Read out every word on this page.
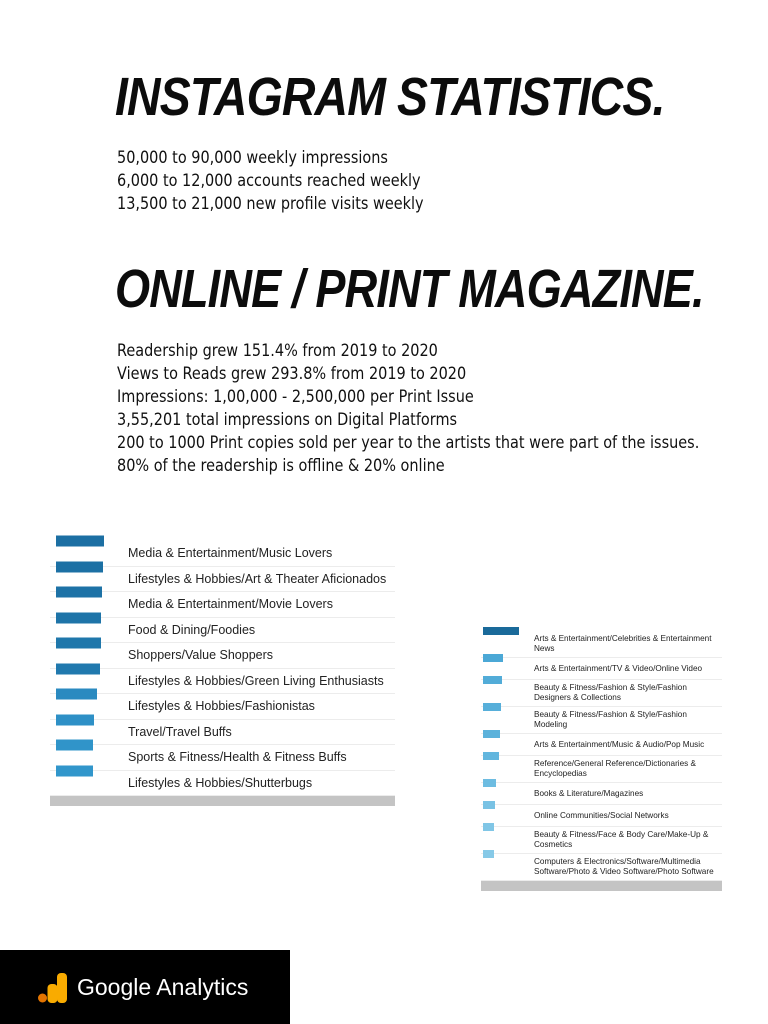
INSTAGRAM STATISTICS.
50,000 to 90,000 weekly impressions
6,000 to 12,000 accounts reached weekly
13,500 to 21,000 new profile visits weekly
ONLINE / PRINT MAGAZINE.
Readership grew 151.4% from 2019 to 2020
Views to Reads grew 293.8% from 2019 to 2020
Impressions: 1,00,000 - 2,500,000 per Print Issue
3,55,201 total impressions on Digital Platforms
200 to 1000 Print copies sold per year to the artists that were part of the issues.
80% of the readership is offline & 20% online
Media & Entertainment/Music Lovers
Lifestyles & Hobbies/Art & Theater Aficionados
Media & Entertainment/Movie Lovers
Food & Dining/Foodies
Shoppers/Value Shoppers
Lifestyles & Hobbies/Green Living Enthusiasts
Lifestyles & Hobbies/Fashionistas
Travel/Travel Buffs
Sports & Fitness/Health & Fitness Buffs
Lifestyles & Hobbies/Shutterbugs
Arts & Entertainment/Celebrities & Entertainment News
Arts & Entertainment/TV & Video/Online Video
Beauty & Fitness/Fashion & Style/Fashion Designers & Collections
Beauty & Fitness/Fashion & Style/Fashion Modeling
Arts & Entertainment/Music & Audio/Pop Music
Reference/General Reference/Dictionaries & Encyclopedias
Books & Literature/Magazines
Online Communities/Social Networks
Beauty & Fitness/Face & Body Care/Make-Up & Cosmetics
Computers & Electronics/Software/Multimedia Software/Photo & Video Software/Photo Software
Google Analytics
